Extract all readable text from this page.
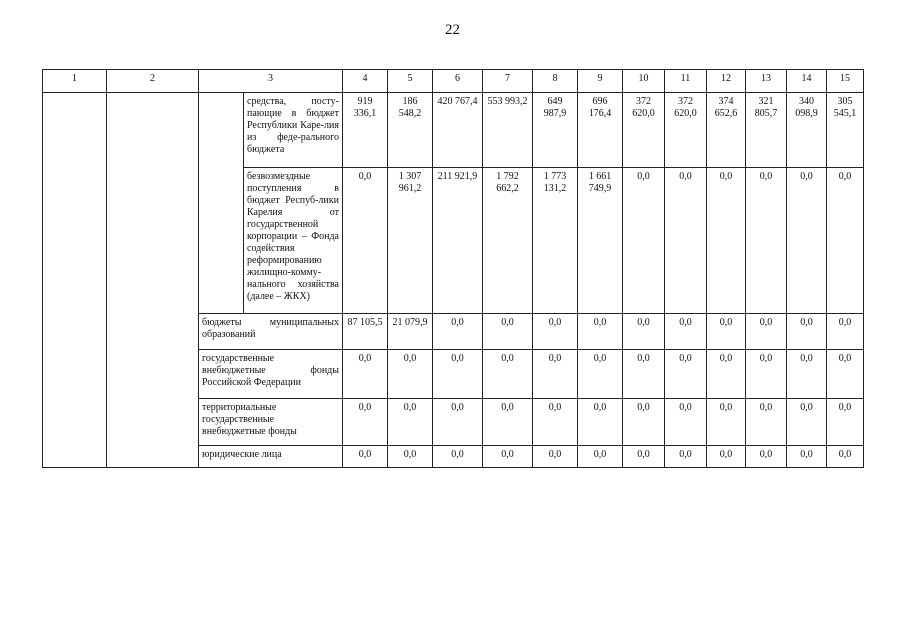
22
1	2	3		4	5	6	7	8	9	10	11	12	13	14	15
			средства, посту-пающие в бюджет Республики Каре-лия из феде-рального бюджета	919 336,1	186 548,2	420 767,4	553 993,2	649 987,9	696 176,4	372 620,0	372 620,0	374 652,6	321 805,7	340 098,9	305 545,1
			безвозмездные поступления в бюджет Респуб-лики Карелия от государственной корпорации – Фонда содействия реформированию жилищно-комму-нального хозяйства (далее – ЖКХ)	0,0	1 307 961,2	211 921,9	1 792 662,2	1 773 131,2	1 661 749,9	0,0	0,0	0,0	0,0	0,0	0,0
		бюджеты муниципальных образований		87 105,5	21 079,9	0,0	0,0	0,0	0,0	0,0	0,0	0,0	0,0	0,0	0,0
		государственные внебюджетные фонды Российской Федерации		0,0	0,0	0,0	0,0	0,0	0,0	0,0	0,0	0,0	0,0	0,0	0,0
		территориальные государственные внебюджетные фонды		0,0	0,0	0,0	0,0	0,0	0,0	0,0	0,0	0,0	0,0	0,0	0,0
		юридические лица		0,0	0,0	0,0	0,0	0,0	0,0	0,0	0,0	0,0	0,0	0,0	0,0
